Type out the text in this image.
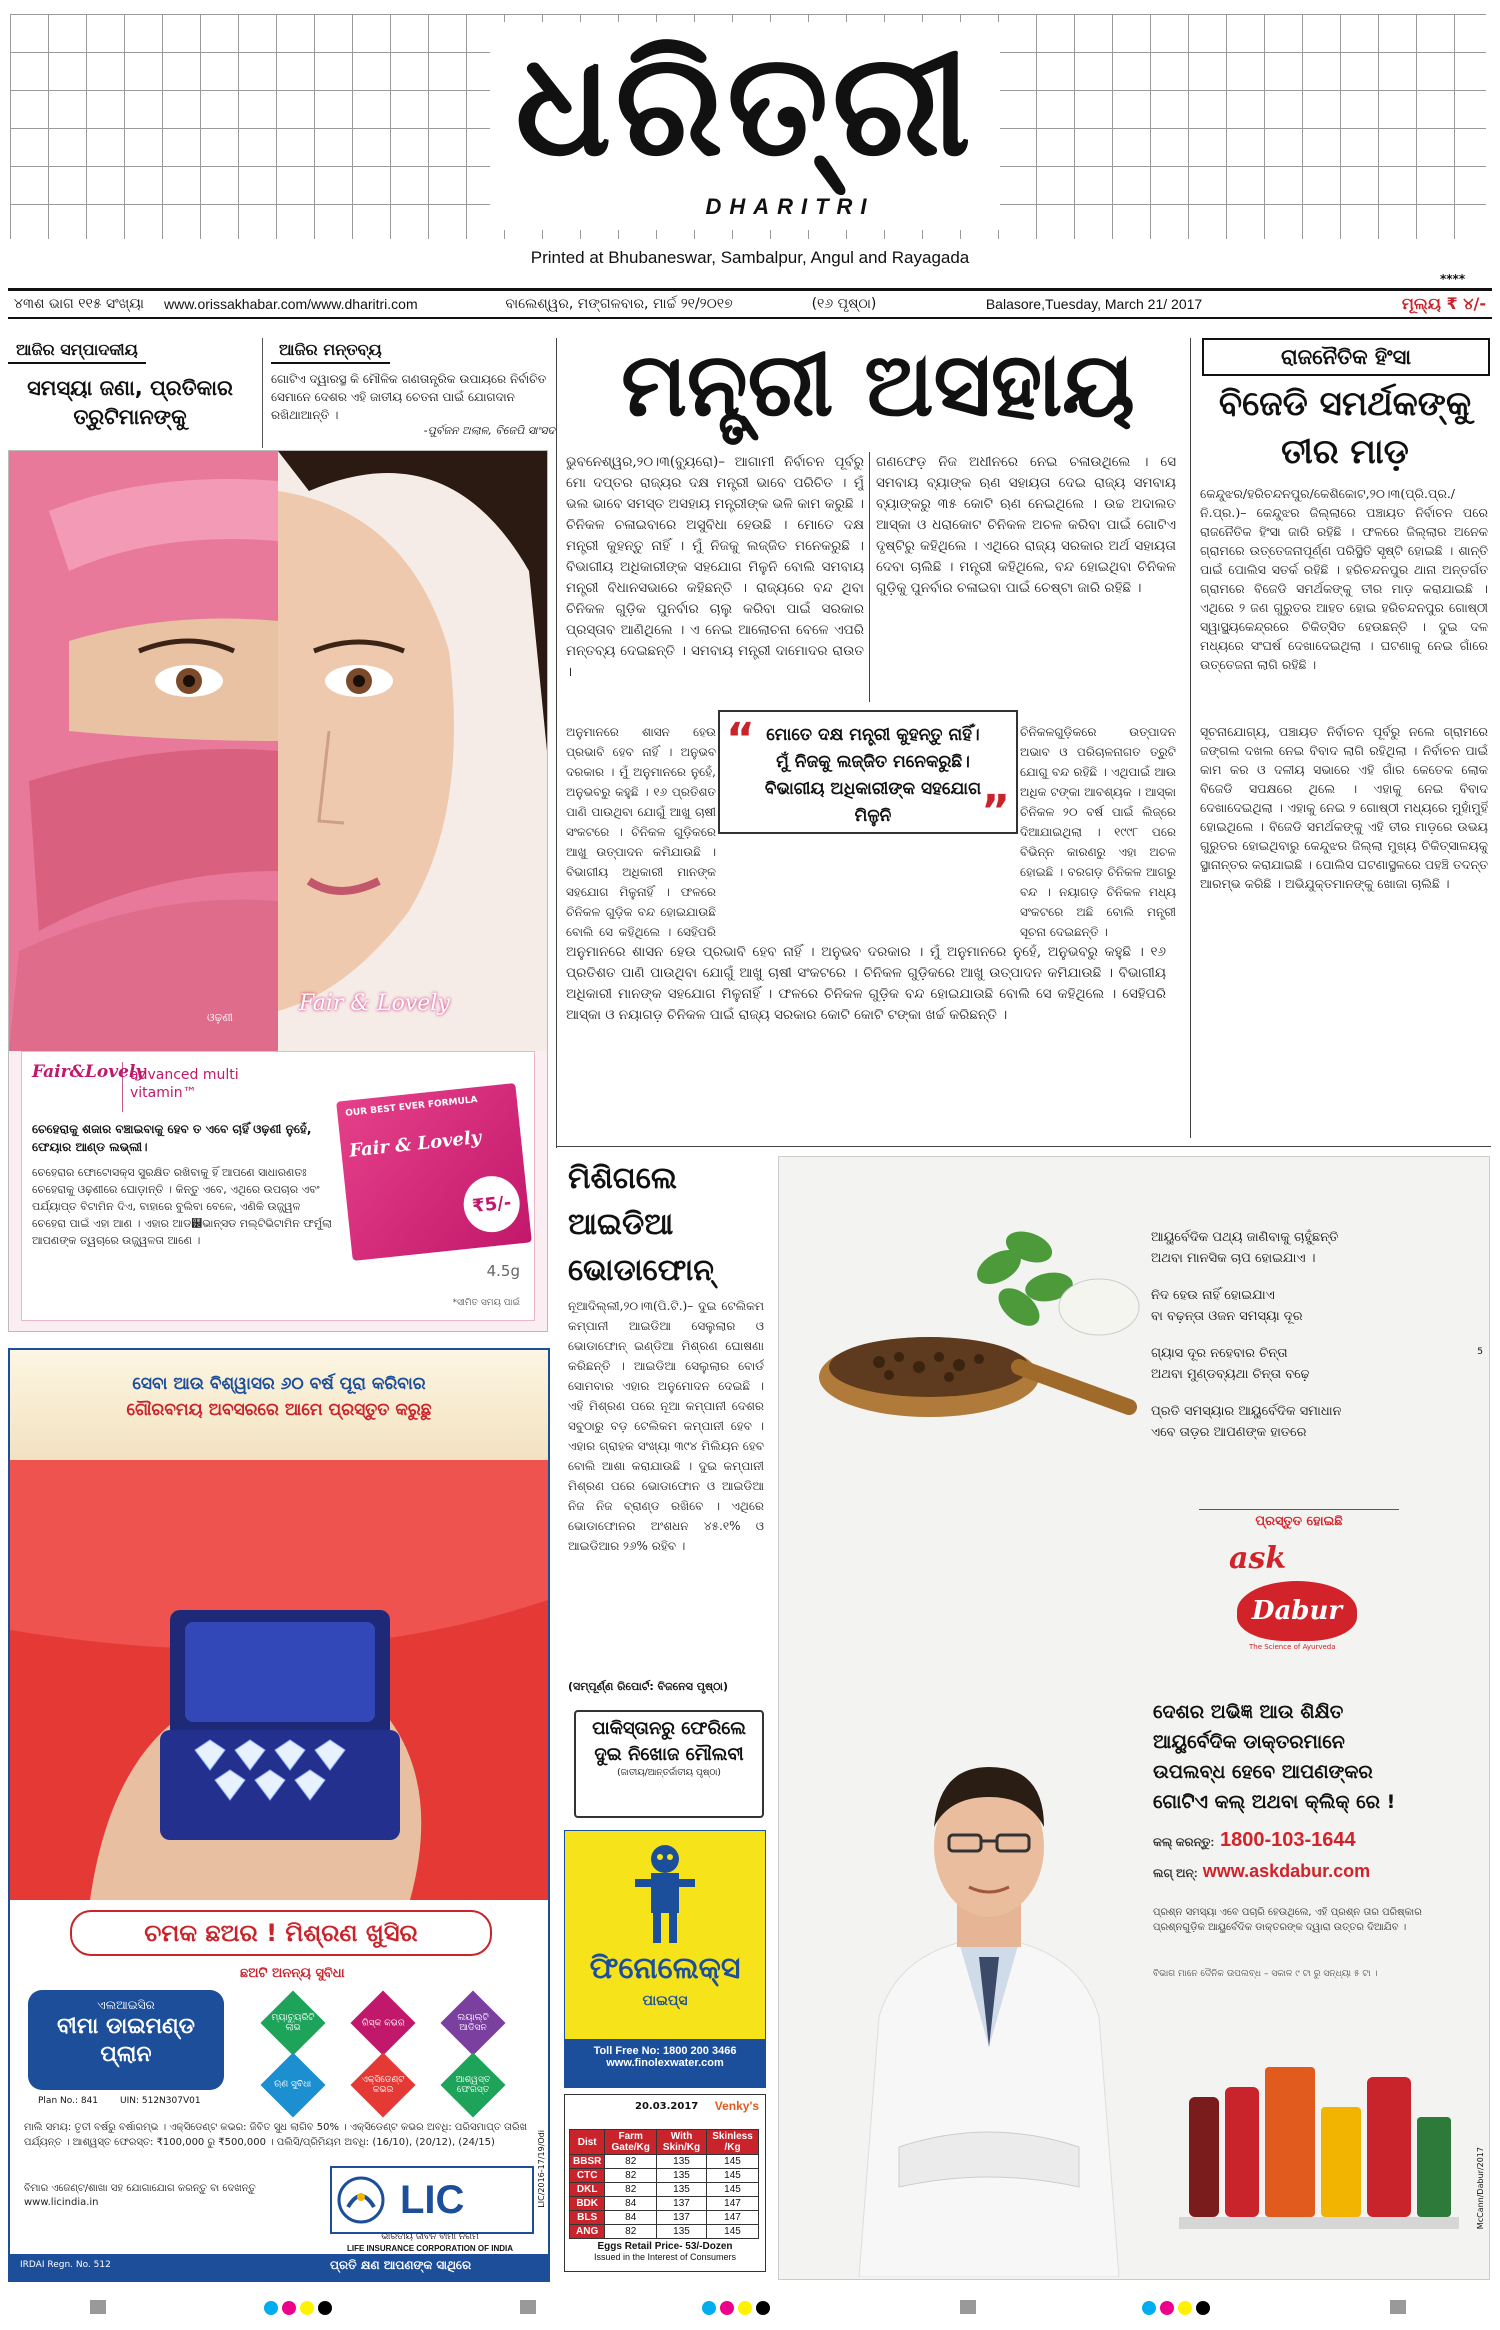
ଧରିତ୍ରୀ
DHARITRI
Printed at Bhubaneswar, Sambalpur, Angul and Rayagada
****
୪୩ଶ ଭାଗ ୧୧୫ ସଂଖ୍ୟା	www.orissakhabar.com/www.dharitri.com	ବାଲେଶ୍ୱର, ମଙ୍ଗଳବାର, ମାର୍ଚ୍ଚ ୨୧/୨୦୧୭	(୧୬ ପୃଷ୍ଠା)	Balasore,Tuesday, March 21/ 2017	ମୂଲ୍ୟ ₹ ୪/-
ଆଜିର ସମ୍ପାଦକୀୟ
ସମସ୍ୟା ଜଣା, ପ୍ରତିକାର ତ୍ରୁଟିମାନଙ୍କୁ
ଆଜିର ମନ୍ତବ୍ୟ
ଗୋଟିଏ ଦ୍ୱାରସ୍ଥ କି ମୌଳିକ ଗଣତାନ୍ତ୍ରିକ ଉପାୟରେ ନିର୍ବାଚିତ ସେମାନେ ଦେଶର ଏହି ଜାତୀୟ ଚେତନା ପାଇଁ ଯୋଗଦାନ ରଖିଥାଆନ୍ତି ।
-ପୁର୍ବଜନ ଅଲାଳ, ବିଜେପି ସାଂସଦ
ଓଢ଼ଣୀ
Fair & Lovely
Fair&Lovely
advanced multi vitamin™
ଚେହେରାକୁ ଶଜାର ବଞ୍ଚାଇବାକୁ ହେବ ତ ଏବେ ଚାହିଁ ଓଢ଼ଣୀ ନୁହେଁ, ଫେୟାର ଆଣ୍ଡ ଲଭ୍‌ଲୀ।
ଚେହେରାର ଫୋଟୋସକ୍ସ ସୁରକ୍ଷିତ ରଖିବାକୁ ହିଁ ଆପଣେ ସାଧାରଣତଃ ଚେହେରାକୁ ଓଢ଼ଣୀରେ ଘୋଡ଼ାନ୍ତି । କିନ୍ତୁ ଏବେ, ଏଥିରେ ଉପଚାର ଏବଂ ପର୍ଯ୍ୟାପ୍ତ ବିଟାମିନ ଦିଏ, ବାହାରେ ବୁଲିବା ବେଳେ, ଏଣିକି ଉଜ୍ଜ୍ୱଳ ଚେହେରା ପାଇଁ ଏହା ଆଣ । ଏହାର ଆଡ୼ଭାନ୍ସଡ ମଲ୍ଟିଭିଟାମିନ ଫର୍ମୁଲା ଆପଣଙ୍କ ତ୍ୱଚାରେ ଉଜ୍ଜ୍ୱଳତା ଆଣେ ।
OUR BEST EVER FORMULA
Fair & Lovely
₹5/-
4.5g
*ସୀମିତ ସମୟ ପାଇଁ
ସେବା ଆଉ ବିଶ୍ୱାସର ୬୦ ବର୍ଷ ପୂରା କରିବାର
ଗୌରବମୟ ଅବସରରେ ଆମେ ପ୍ରସ୍ତୁତ କରୁଛୁ
ଚମକ ଛଅର ! ମିଶ୍ରଣ ଖୁସିର
ଛଅଟି ଅନନ୍ୟ ସୁବିଧା
ଏଲଆଇସିର
ବୀମା ଡାଇମଣ୍ଡ ପ୍ଲାନ
Plan No.: 841 UIN: 512N307V01
ମ୍ୟାଚ୍ୟୁରିଟି ଲାଭ
ରିସ୍କ କଭର	ଲୟାଲ୍ଟି ଆଡିସନ
ଋଣ ସୁବିଧା	ଏକ୍ସିଡେଣ୍ଟ କଭର
ଆଶ୍ୱସ୍ତ ଫେରସ୍ତ
ମାଲି ସମୟ: ତୃତୀ ବର୍ଷରୁ ବର୍ଷାରମ୍ଭ । ଏକ୍ସିଡେଣ୍ଟ କଭର: ଜିବିତ ସୁଧ ଲାଗିବ 50% । ଏକ୍ସିଡେଣ୍ଟ କଭର ଅବଧି: ପରିସମାପ୍ତ ତାରିଖ ପର୍ଯ୍ୟନ୍ତ । ଆଶ୍ୱସ୍ତ ଫେରସ୍ତ: ₹100,000 ରୁ ₹500,000 । ପଲିସି/ପ୍ରିମିୟମ ଅବଧି: (16/10), (20/12), (24/15)
ବିମାର ଏଜେଣ୍ଟ/ଶାଖା ସହ ଯୋଗାଯୋଗ କରନ୍ତୁ ବା ଦେଖନ୍ତୁ www.licindia.in	LIC
ଭାରତୀୟ ଜୀବନ ବୀମା ନିଗମ
LIFE INSURANCE CORPORATION OF INDIA
IRDAI Regn. No. 512	ପ୍ରତି କ୍ଷଣ ଆପଣଙ୍କ ସାଥିରେ
LIC/2016-17/19/Odi
ମନ୍ତ୍ରୀ ଅସହାୟ
ଭୁବନେଶ୍ୱର,୨୦।୩(ବ୍ୟୁରୋ)– ଆଗାମୀ ନିର୍ବାଚନ ପୂର୍ବରୁ ମୋ ଦପ୍ତର ରାଜ୍ୟର ଦକ୍ଷ ମନ୍ତ୍ରୀ ଭାବେ ପରିଚିତ । ମୁଁ ଭଲ ଭାବେ ସମସ୍ତ ଅସହାୟ ମନ୍ତ୍ରୀଙ୍କ ଭଳି କାମ କରୁଛି । ଚିନିକଳ ଚଳାଇବାରେ ଅସୁବିଧା ହେଉଛି । ମୋତେ ଦକ୍ଷ ମନ୍ତ୍ରୀ କୁହନ୍ତୁ ନାହିଁ । ମୁଁ ନିଜକୁ ଲଜ୍ଜିତ ମନେକରୁଛି । ବିଭାଗୀୟ ଅଧିକାରୀଙ୍କ ସହଯୋଗ ମିଳୁନି ବୋଲି ସମବାୟ ମନ୍ତ୍ରୀ ବିଧାନସଭାରେ କହିଛନ୍ତି । ରାଜ୍ୟରେ ବନ୍ଦ ଥିବା ଚିନିକଳ ଗୁଡ଼ିକ ପୁନର୍ବାର ଚାଲୁ କରିବା ପାଇଁ ସରକାର ପ୍ରସ୍ତାବ ଆଣିଥିଲେ । ଏ ନେଇ ଆଲୋଚନା ବେଳେ ଏପରି ମନ୍ତବ୍ୟ ଦେଇଛନ୍ତି । ସମବାୟ ମନ୍ତ୍ରୀ ଦାମୋଦର ରାଉତ ।
ଅନୁମାନରେ ଶାସନ ହେଉ ପ୍ରଭାବି ହେବ ନାହିଁ । ଅନୁଭବ ଦରକାର । ମୁଁ ଅନୁମାନରେ ନୁହେଁ, ଅନୁଭବରୁ କହୁଛି । ୧୬ ପ୍ରତିଶତ ପାଣି ପାଉଥିବା ଯୋଗୁଁ ଆଖୁ ଚାଷୀ ସଂକଟରେ । ଚିନିକଳ ଗୁଡ଼ିକରେ ଆଖୁ ଉତ୍ପାଦନ କମିଯାଉଛି । ବିଭାଗୀୟ ଅଧିକାରୀ ମାନଙ୍କ ସହଯୋଗ ମିଳୁନାହିଁ । ଫଳରେ ଚିନିକଳ ଗୁଡ଼ିକ ବନ୍ଦ ହୋଇଯାଉଛି ବୋଲି ସେ କହିଥିଲେ । ସେହିପରି
ଅନୁମାନରେ ଶାସନ ହେଉ ପ୍ରଭାବି ହେବ ନାହିଁ । ଅନୁଭବ ଦରକାର । ମୁଁ ଅନୁମାନରେ ନୁହେଁ, ଅନୁଭବରୁ କହୁଛି । ୧୬ ପ୍ରତିଶତ ପାଣି ପାଉଥିବା ଯୋଗୁଁ ଆଖୁ ଚାଷୀ ସଂକଟରେ । ଚିନିକଳ ଗୁଡ଼ିକରେ ଆଖୁ ଉତ୍ପାଦନ କମିଯାଉଛି । ବିଭାଗୀୟ ଅଧିକାରୀ ମାନଙ୍କ ସହଯୋଗ ମିଳୁନାହିଁ । ଫଳରେ ଚିନିକଳ ଗୁଡ଼ିକ ବନ୍ଦ ହୋଇଯାଉଛି ବୋଲି ସେ କହିଥିଲେ । ସେହିପରି ଆସ୍କା ଓ ନୟାଗଡ଼ ଚିନିକଳ ପାଇଁ ରାଜ୍ୟ ସରକାର କୋଟି କୋଟି ଟଙ୍କା ଖର୍ଚ୍ଚ କରିଛନ୍ତି ।
ଗଣଫେଡ଼ ନିଜ ଅଧୀନରେ ନେଇ ଚଳାଉଥିଲେ । ସେ ସମବାୟ ବ୍ୟାଙ୍କ ଋଣ ସହାୟତା ଦେଇ ରାଜ୍ୟ ସମବାୟ ବ୍ୟାଙ୍କରୁ ୩୫ କୋଟି ଋଣ ନେଇଥିଲେ । ଉଚ୍ଚ ଅଦାଲତ ଆସ୍କା ଓ ଧରାକୋଟ ଚିନିକଳ ଅଚଳ କରିବା ପାଇଁ ଗୋଟିଏ ଦୃଷ୍ଟିରୁ କହିଥିଲେ । ଏଥିରେ ରାଜ୍ୟ ସରକାର ଅର୍ଥ ସହାୟତା ଦେବା ଚାଲିଛି । ମନ୍ତ୍ରୀ କହିଥିଲେ, ବନ୍ଦ ହୋଇଥିବା ଚିନିକଳ ଗୁଡ଼ିକୁ ପୁନର୍ବାର ଚଳାଇବା ପାଇଁ ଚେଷ୍ଟା ଜାରି ରହିଛି ।
ଚିନିକଳଗୁଡ଼ିକରେ ଉତ୍ପାଦନ ଅଭାବ ଓ ପରିଚାଳନାଗତ ତ୍ରୁଟି ଯୋଗୁ ବନ୍ଦ ରହିଛି । ଏଥିପାଇଁ ଆଉ ଅଧିକ ଟଙ୍କା ଆବଶ୍ୟକ । ଆସ୍କା ଚିନିକଳ ୨୦ ବର୍ଷ ପାଇଁ ଲିଜ୍‌ରେ ଦିଆଯାଇଥିଲା । ୧୯୯୮ ପରେ ବିଭିନ୍ନ କାରଣରୁ ଏହା ଅଚଳ ହୋଇଛି । ବରଗଡ଼ ଚିନିକଳ ଆଗରୁ ବନ୍ଦ । ନୟାଗଡ଼ ଚିନିକଳ ମଧ୍ୟ ସଂକଟରେ ଅଛି ବୋଲି ମନ୍ତ୍ରୀ ସୂଚନା ଦେଇଛନ୍ତି ।
“ ମୋତେ ଦକ୍ଷ ମନ୍ତ୍ରୀ କୁହନ୍ତୁ ନାହିଁ। ମୁଁ ନିଜକୁ ଲଜ୍ଜିତ ମନେକରୁଛି। ବିଭାଗୀୟ ଅଧିକାରୀଙ୍କ ସହଯୋଗ ମିଳୁନି	”
ରାଜନୈତିକ ହିଂସା
ବିଜେଡି ସମର୍ଥକଙ୍କୁ ତୀର ମାଡ଼
କେନ୍ଦୁଝର/ହରିଚନ୍ଦନପୁର/କେଶିକୋଟ,୨୦।୩(ପ୍ରି.ପ୍ର./ନି.ପ୍ର.)– କେନ୍ଦୁଝର ଜିଲ୍ଲାରେ ପଞ୍ଚାୟତ ନିର୍ବାଚନ ପରେ ରାଜନୈତିକ ହିଂସା ଜାରି ରହିଛି । ଫଳରେ ଜିଲ୍ଲାର ଅନେକ ଗ୍ରାମରେ ଉତ୍ତେଜନାପୂର୍ଣ୍ଣ ପରିସ୍ଥିତି ସୃଷ୍ଟି ହୋଇଛି । ଶାନ୍ତି ପାଇଁ ପୋଲିସ ସତର୍କ ରହିଛି । ହରିଚନ୍ଦନପୁର ଥାନା ଅନ୍ତର୍ଗତ ଗ୍ରାମରେ ବିଜେଡି ସମର୍ଥକଙ୍କୁ ତୀର ମାଡ଼ କରାଯାଇଛି । ଏଥିରେ ୨ ଜଣ ଗୁରୁତର ଆହତ ହୋଇ ହରିଚନ୍ଦନପୁର ଗୋଷ୍ଠୀ ସ୍ୱାସ୍ଥ୍ୟକେନ୍ଦ୍ରରେ ଚିକିତ୍ସିତ ହେଉଛନ୍ତି । ଦୁଇ ଦଳ ମଧ୍ୟରେ ସଂଘର୍ଷ ଦେଖାଦେଇଥିଲା । ଘଟଣାକୁ ନେଇ ଗାଁରେ ଉତ୍ତେଜନା ଲାଗି ରହିଛି ।
ସୂଚନାଯୋଗ୍ୟ, ପଞ୍ଚାୟତ ନିର୍ବାଚନ ପୂର୍ବରୁ ନଲେ ଗ୍ରାମରେ ଜଙ୍ଗଲ ଦଖଲ ନେଇ ବିବାଦ ଲାଗି ରହିଥିଲା । ନିର୍ବାଚନ ପାଇଁ କାମ କର ଓ ଦଳୀୟ ସଭାରେ ଏହି ଗାଁର କେତେକ ଲୋକ ବିଜେଡି ସପକ୍ଷରେ ଥିଲେ । ଏହାକୁ ନେଇ ବିବାଦ ଦେଖାଦେଇଥିଲା । ଏହାକୁ ନେଇ ୨ ଗୋଷ୍ଠୀ ମଧ୍ୟରେ ମୁହାଁମୁହିଁ ହୋଇଥିଲେ । ବିଜେଡି ସମର୍ଥକଙ୍କୁ ଏହି ତୀର ମାଡ଼ରେ ଉଭୟ ଗୁରୁତର ହୋଇଥିବାରୁ କେନ୍ଦୁଝର ଜିଲ୍ଲା ମୁଖ୍ୟ ଚିକିତ୍ସାଳୟକୁ ସ୍ଥାନାନ୍ତର କରାଯାଇଛି । ପୋଲିସ ଘଟଣାସ୍ଥଳରେ ପହଞ୍ଚି ତଦନ୍ତ ଆରମ୍ଭ କରିଛି । ଅଭିଯୁକ୍ତମାନଙ୍କୁ ଖୋଜା ଚାଲିଛି ।
ମିଶିଗଲେ ଆଇଡିଆ ଭୋଡାଫୋନ୍
ନୂଆଦିଲ୍ଲୀ,୨୦।୩(ପି.ଟି.)– ଦୁଇ ଟେଲିକମ କମ୍ପାନୀ ଆଇଡିଆ ସେଲୁଲାର ଓ ଭୋଡାଫୋନ୍ ଇଣ୍ଡିଆ ମିଶ୍ରଣ ଘୋଷଣା କରିଛନ୍ତି । ଆଇଡିଆ ସେଲୁଲାର ବୋର୍ଡ ସୋମବାର ଏହାର ଅନୁମୋଦନ ଦେଇଛି । ଏହି ମିଶ୍ରଣ ପରେ ନୂଆ କମ୍ପାନୀ ଦେଶର ସବୁଠାରୁ ବଡ଼ ଟେଲିକମ କମ୍ପାନୀ ହେବ । ଏହାର ଗ୍ରାହକ ସଂଖ୍ୟା ୩୯୪ ମିଲିୟନ ହେବ ବୋଲି ଆଶା କରାଯାଉଛି । ଦୁଇ କମ୍ପାନୀ ମିଶ୍ରଣ ପରେ ଭୋଡାଫୋନ ଓ ଆଇଡିଆ ନିଜ ନିଜ ବ୍ରାଣ୍ଡ ରଖିବେ । ଏଥିରେ ଭୋଡାଫୋନର ଅଂଶଧନ ୪୫.୧% ଓ ଆଇଡିଆର ୨୬% ରହିବ ।
(ସମ୍ପୂର୍ଣ୍ଣ ରିପୋର୍ଟ: ବିଜନେସ ପୃଷ୍ଠା)
ପାକିସ୍ତାନରୁ ଫେରିଲେ ଦୁଇ ନିଖୋଜ ମୌଲବୀ
(ଜାତୀୟ/ଆନ୍ତର୍ଜାତୀୟ ପୃଷ୍ଠା)
ଫିନୋଲେକ୍ସ
ପାଇପ୍ସ
Toll Free No: 1800 200 3466
www.finolexwater.com
20.03.2017 Venky's
Dist	Farm Gate/Kg	With Skin/Kg	Skinless /Kg
BBSR	82	135	145
CTC	82	135	145
DKL	82	135	145
BDK	84	137	147
BLS	84	137	147
ANG	82	135	145
Eggs Retail Price- 53/-Dozen
Issued in the Interest of Consumers
ଆୟୁର୍ବେଦିକ ପଥ୍ୟ ଜାଣିବାକୁ ଚାହୁଁଛନ୍ତି
ଅଥବା ମାନସିକ ଚାପ ହୋଇଯାଏ ।
ନିଦ ହେଉ ନାହିଁ ହୋଇଯାଏ
ବା ବଢ଼ନ୍ତା ଓଜନ ସମସ୍ୟା ଦୂର
ଗ୍ୟାସ ଦୂର ନହେବାର ଚିନ୍ତା
ଅଥବା ମୁଣ୍ଡବ୍ୟଥା ଚିନ୍ତା ବଢ଼େ
ପ୍ରତି ସମସ୍ୟାର ଆୟୁର୍ବେଦିକ ସମାଧାନ
ଏବେ ତାଡ଼ର ଆପଣଙ୍କ ହାତରେ
ପ୍ରସ୍ତୁତ ହୋଇଛି
ask
Dabur
The Science of Ayurveda
ଦେଶର ଅଭିଜ୍ଞ ଆଉ ଶିକ୍ଷିତ
ଆୟୁର୍ବେଦିକ ଡାକ୍ତରମାନେ
ଉପଲବ୍ଧ ହେବେ ଆପଣଙ୍କର
ଗୋଟିଏ କଲ୍ ଅଥବା କ୍ଲିକ୍ ରେ !
କଲ୍ କରନ୍ତୁ: 1800-103-1644
ଲଗ୍ ଅନ୍: www.askdabur.com
ପ୍ରଶ୍ନ ସମସ୍ୟା ଏବେ ପଚାରି ହେଉଥିଲେ, ଏହି ପ୍ରଶ୍ନ ତାର ପରିଷ୍କାର ପ୍ରଶ୍ନଗୁଡ଼ିକ ଆୟୁର୍ବେଦିକ ଡାକ୍ତରଙ୍କ ଦ୍ୱାରା ଉତ୍ତର ଦିଆଯିବ ।
ବିଭାଗ ମାନେ ଦୈନିକ ଉପଲବ୍ଧ – ସକାଳ ୯ ଟା ରୁ ସନ୍ଧ୍ୟା ୫ ଟା ।
McCann/Dabur/2017
5
